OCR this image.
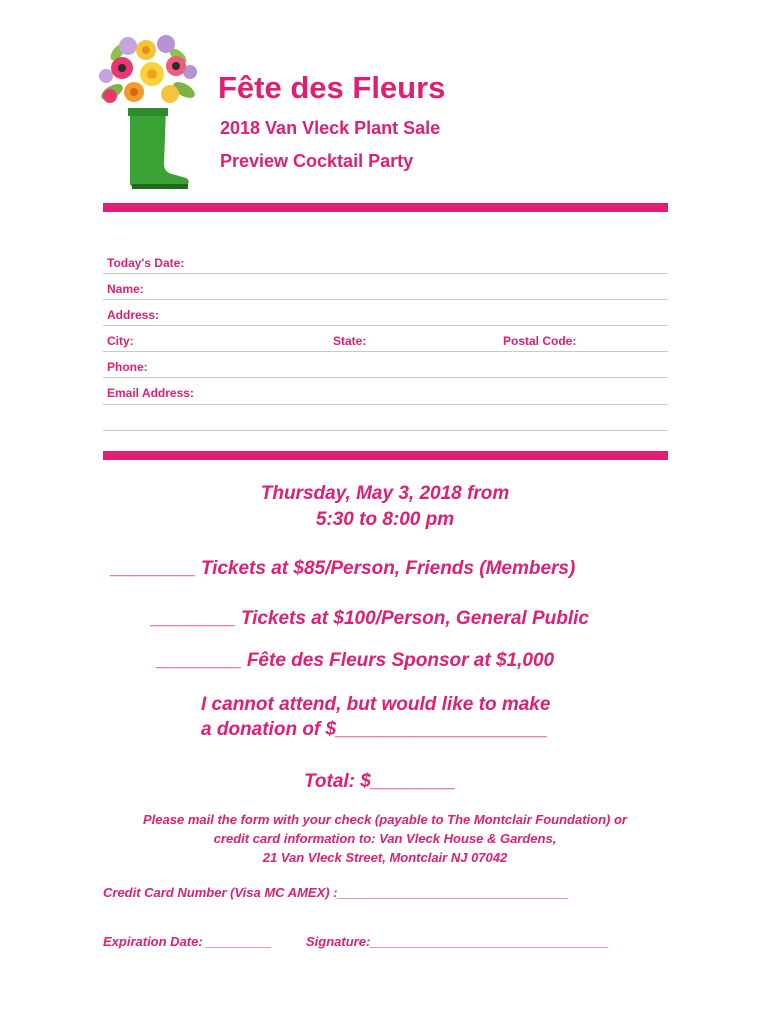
Fête des Fleurs
2018 Van Vleck Plant Sale
Preview Cocktail Party
Today's Date:
Name:
Address:
City:	State:	Postal Code:
Phone:
Email Address:
Thursday, May 3, 2018 from
5:30 to 8:00 pm
________ Tickets at $85/Person, Friends (Members)
________ Tickets at $100/Person, General Public
________ Fête des Fleurs Sponsor at $1,000
I cannot attend, but would like to make
a donation of $____________________
Total: $________
Please mail the form with your check (payable to The Montclair Foundation) or
credit card information to: Van Vleck House & Gardens,
21 Van Vleck Street, Montclair NJ 07042
Credit Card Number (Visa MC AMEX) :________________________________
Expiration Date: _________	Signature:_________________________________
